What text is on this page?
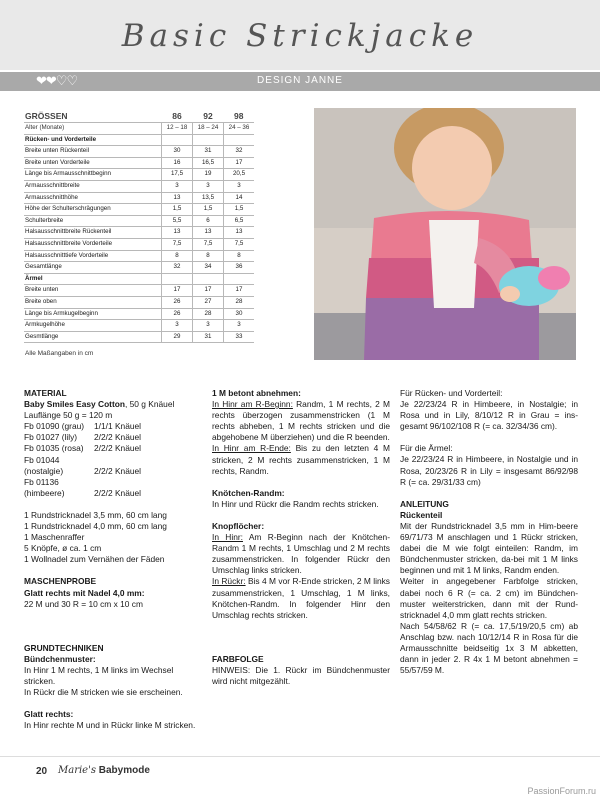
Basic Strickjacke
❤❤♡♡	DESIGN JANNE
GRÖSSEN	86	92	98
Alter (Monate)	12 – 18	18 – 24	24 – 36
Rücken- und Vorderteile			
Breite unten Rückenteil	30	31	32
Breite unten Vorderteile	16	16,5	17
Länge bis Armausschnittbeginn	17,5	19	20,5
Armausschnittbreite	3	3	3
Armausschnitthöhe	13	13,5	14
Höhe der Schulterschrägungen	1,5	1,5	1,5
Schulterbreite	5,5	6	6,5
Halsausschnittbreite Rückenteil	13	13	13
Halsausschnittbreite Vorderteile	7,5	7,5	7,5
Halsausschnitttiefe Vorderteile	8	8	8
Gesamtlänge	32	34	36
Ärmel			
Breite unten	17	17	17
Breite oben	26	27	28
Länge bis Armkugelbeginn	26	28	30
Armkugelhöhe	3	3	3
Gesmtlänge	29	31	33
Alle Maßangaben in cm

MATERIAL

Baby Smiles Easy Cotton, 50 g Knäuel

Lauflänge 50 g = 120 m

Fb 01090 (grau) 1/1/1 Knäuel

Fb 01027 (lily) 2/2/2 Knäuel

Fb 01035 (rosa) 2/2/2 Knäuel

Fb 01044 (nostalgie)	2/2/2 Knäuel

Fb 01136 (himbeere)	2/2/2 Knäuel

1 Rundstricknadel 3,5 mm, 60 cm lang

1 Rundstricknadel 4,0 mm, 60 cm lang

1 Maschenraffer

5 Knöpfe, ø ca. 1 cm

1 Wollnadel zum Vernähen der Fäden

MASCHENPROBE

Glatt rechts mit Nadel 4,0 mm:

22 M und 30 R = 10 cm x 10 cm

GRUNDTECHNIKEN

Bündchenmuster:

In Hinr 1 M rechts, 1 M links im Wechsel stricken.

In Rückr die M stricken wie sie erscheinen.

Glatt rechts:

In Hinr rechte M und in Rückr linke M stricken.

1 M betont abnehmen:

In Hinr am R-Beginn: Randm, 1 M rechts, 2 M rechts überzogen zusammenstricken (1 M rechts abheben, 1 M rechts stricken und die abgehobene M überziehen) und die R beenden.

In Hinr am R-Ende: Bis zu den letzten 4 M stricken, 2 M rechts zusammenstricken, 1 M rechts, Randm.

Knötchen-Randm:

In Hinr und Rückr die Randm rechts stricken.

Knopflöcher:

In Hinr: Am R-Beginn nach der Knötchen-Randm 1 M rechts, 1 Umschlag und 2 M rechts zusammenstricken. In folgender Rückr den Umschlag links stricken.

In Rückr: Bis 4 M vor R-Ende stricken, 2 M links zusammenstricken, 1 Umschlag, 1 M links, Knötchen-Randm. In folgender Hinr den Umschlag rechts stricken.

FARBFOLGE

HINWEIS: Die 1. Rückr im Bündchenmuster wird nicht mitgezählt.

Für Rücken- und Vorderteil:

Je 22/23/24 R in Himbeere, in Nostalgie; in Rosa und in Lily, 8/10/12 R in Grau = ins-gesamt 96/102/108 R (= ca. 32/34/36 cm).

Für die Ärmel:

Je 22/23/24 R in Himbeere, in Nostalgie und in Rosa, 20/23/26 R in Lily = insgesamt 86/92/98 R (= ca. 29/31/33 cm)

ANLEITUNG

Rückenteil

Mit der Rundstricknadel 3,5 mm in Him-beere 69/71/73 M anschlagen und 1 Rückr stricken, dabei die M wie folgt einteilen: Randm, im Bündchenmuster stricken, da-bei mit 1 M links beginnen und mit 1 M links, Randm enden.

Weiter in angegebener Farbfolge stricken, dabei noch 6 R (= ca. 2 cm) im Bündchen-muster weiterstricken, dann mit der Rund-stricknadel 4,0 mm glatt rechts stricken.

Nach 54/58/62 R (= ca. 17,5/19/20,5 cm) ab Anschlag bzw. nach 10/12/14 R in Rosa für die Armausschnitte beidseitig 1x 3 M abketten, dann in jeder 2. R 4x 1 M betont abnehmen = 55/57/59 M.

20 Marie's Babymode
PassionForum.ru
